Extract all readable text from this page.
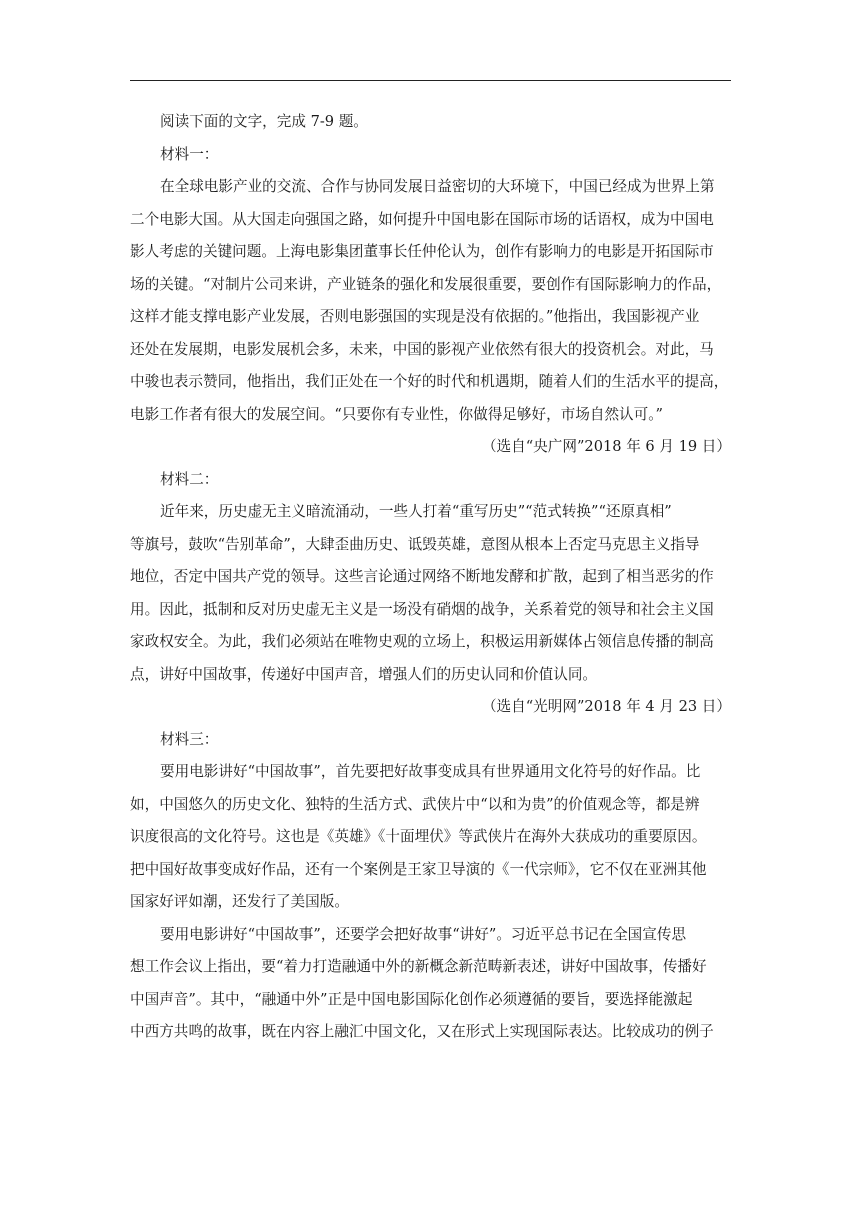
阅读下面的文字，完成 7-9 题。
材料一：
在全球电影产业的交流、合作与协同发展日益密切的大环境下，中国已经成为世界上第
二个电影大国。从大国走向强国之路，如何提升中国电影在国际市场的话语权，成为中国电
影人考虑的关键问题。上海电影集团董事长任仲伦认为，创作有影响力的电影是开拓国际市
场的关键。“对制片公司来讲，产业链条的强化和发展很重要，要创作有国际影响力的作品，
这样才能支撑电影产业发展，否则电影强国的实现是没有依据的。”他指出，我国影视产业
还处在发展期，电影发展机会多，未来，中国的影视产业依然有很大的投资机会。对此，马
中骏也表示赞同，他指出，我们正处在一个好的时代和机遇期，随着人们的生活水平的提高，
电影工作者有很大的发展空间。“只要你有专业性，你做得足够好，市场自然认可。”
（选自“央广网”2018 年 6 月 19 日）
材料二：
近年来，历史虚无主义暗流涌动，一些人打着“重写历史”“范式转换”“还原真相”
等旗号，鼓吹“告别革命”，大肆歪曲历史、诋毁英雄，意图从根本上否定马克思主义指导
地位，否定中国共产党的领导。这些言论通过网络不断地发酵和扩散，起到了相当恶劣的作
用。因此，抵制和反对历史虚无主义是一场没有硝烟的战争，关系着党的领导和社会主义国
家政权安全。为此，我们必须站在唯物史观的立场上，积极运用新媒体占领信息传播的制高
点，讲好中国故事，传递好中国声音，增强人们的历史认同和价值认同。
（选自“光明网”2018 年 4 月 23 日）
材料三：
要用电影讲好“中国故事”，首先要把好故事变成具有世界通用文化符号的好作品。比
如，中国悠久的历史文化、独特的生活方式、武侠片中“以和为贵”的价值观念等，都是辨
识度很高的文化符号。这也是《英雄》《十面埋伏》等武侠片在海外大获成功的重要原因。
把中国好故事变成好作品，还有一个案例是王家卫导演的《一代宗师》，它不仅在亚洲其他
国家好评如潮，还发行了美国版。
要用电影讲好“中国故事”，还要学会把好故事“讲好”。习近平总书记在全国宣传思
想工作会议上指出，要“着力打造融通中外的新概念新范畴新表述，讲好中国故事，传播好
中国声音”。其中，“融通中外”正是中国电影国际化创作必须遵循的要旨，要选择能激起
中西方共鸣的故事，既在内容上融汇中国文化，又在形式上实现国际表达。比较成功的例子
